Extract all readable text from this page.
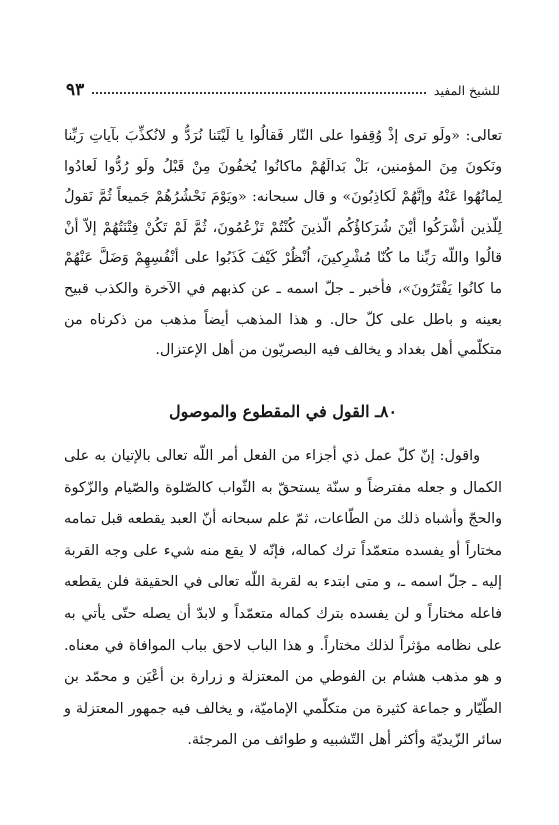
للشيخ المفيد
٩٣

تعالى: «ولَو ترى إذْ وُقِفوا على النّار فَقالُوا يا لَيْتَنا نُرَدُّ و لانُكذِّبَ بآياتِ رَبِّنا ونَكونَ مِنَ المؤمنين، بَلْ بَدالَهُمْ ماكانُوا يُخفُونَ مِنْ قَبْلُ ولَو رُدُّوا لَعادُوا لِمانُهُوا عَنْهُ وإنَّهُمْ لَكاذِبُونَ» و قال سبحانه: «ويَوْمَ نَحْشُرُهُمْ جَميعاً ثُمَّ نَقولُ لِلّذين أشْرَكُوا أيْنَ شُرَكاؤُكُم الّذينَ كُنْتُمْ تَزْعُمُونَ، ثُمَّ لَمْ تَكُنْ فِتْنَتُهُمْ إلاّ أنْ قالُوا واللّه رَبِّنا ما كُنّا مُشْرِكينَ، اُنْظُرْ كَيْفَ كَذَبُوا على أنْفُسِهِمْ وَضَلَّ عَنْهُمْ ما كانُوا يَفْتَرُونَ»، فأخبر ـ جلّ اسمه ـ عن كذبهم في الآخرة والكذب قبيح بعينه و باطل على كلّ حال. و هذا المذهب أيضاً مذهب من ذكرناه من متكلّمي أهل بغداد و يخالف فيه البصريّون من أهل الإعتزال.

٨٠ـ القول في المقطوع والموصول

واقول: إنّ كلّ عمل ذي أجزاء من الفعل أمر اللّه تعالى بالإتيان به على الكمال و جعله مفترضاً و سنّة يستحقّ به الثّواب كالصّلوة والصّيام والزّكوة والحجّ وأشباه ذلك من الطّاعات، ثمّ علم سبحانه أنّ العبد يقطعه قبل تمامه مختاراً أو يفسده متعمّداً ترك كماله، فإنّه لا يقع منه شيء على وجه القربة إليه ـ جلّ اسمه ـ، و متى ابتدء به لقربة اللّه تعالى في الحقيقة فلن يقطعه فاعله مختاراً و لن يفسده بترك كماله متعمّداً و لابدّ أن يصله حتّى يأتي به على نظامه مؤثراً لذلك مختاراً. و هذا الباب لاحق بباب الموافاة في معناه. و هو مذهب هشام بن الفوطي من المعتزلة و زرارة بن أعْيَن و محمّد بن الطّيّار و جماعة كثيرة من متكلّمي الإماميّة، و يخالف فيه جمهور المعتزلة و سائر الزّيديّة وأكثر أهل التّشبيه و طوائف من المرجئة.
